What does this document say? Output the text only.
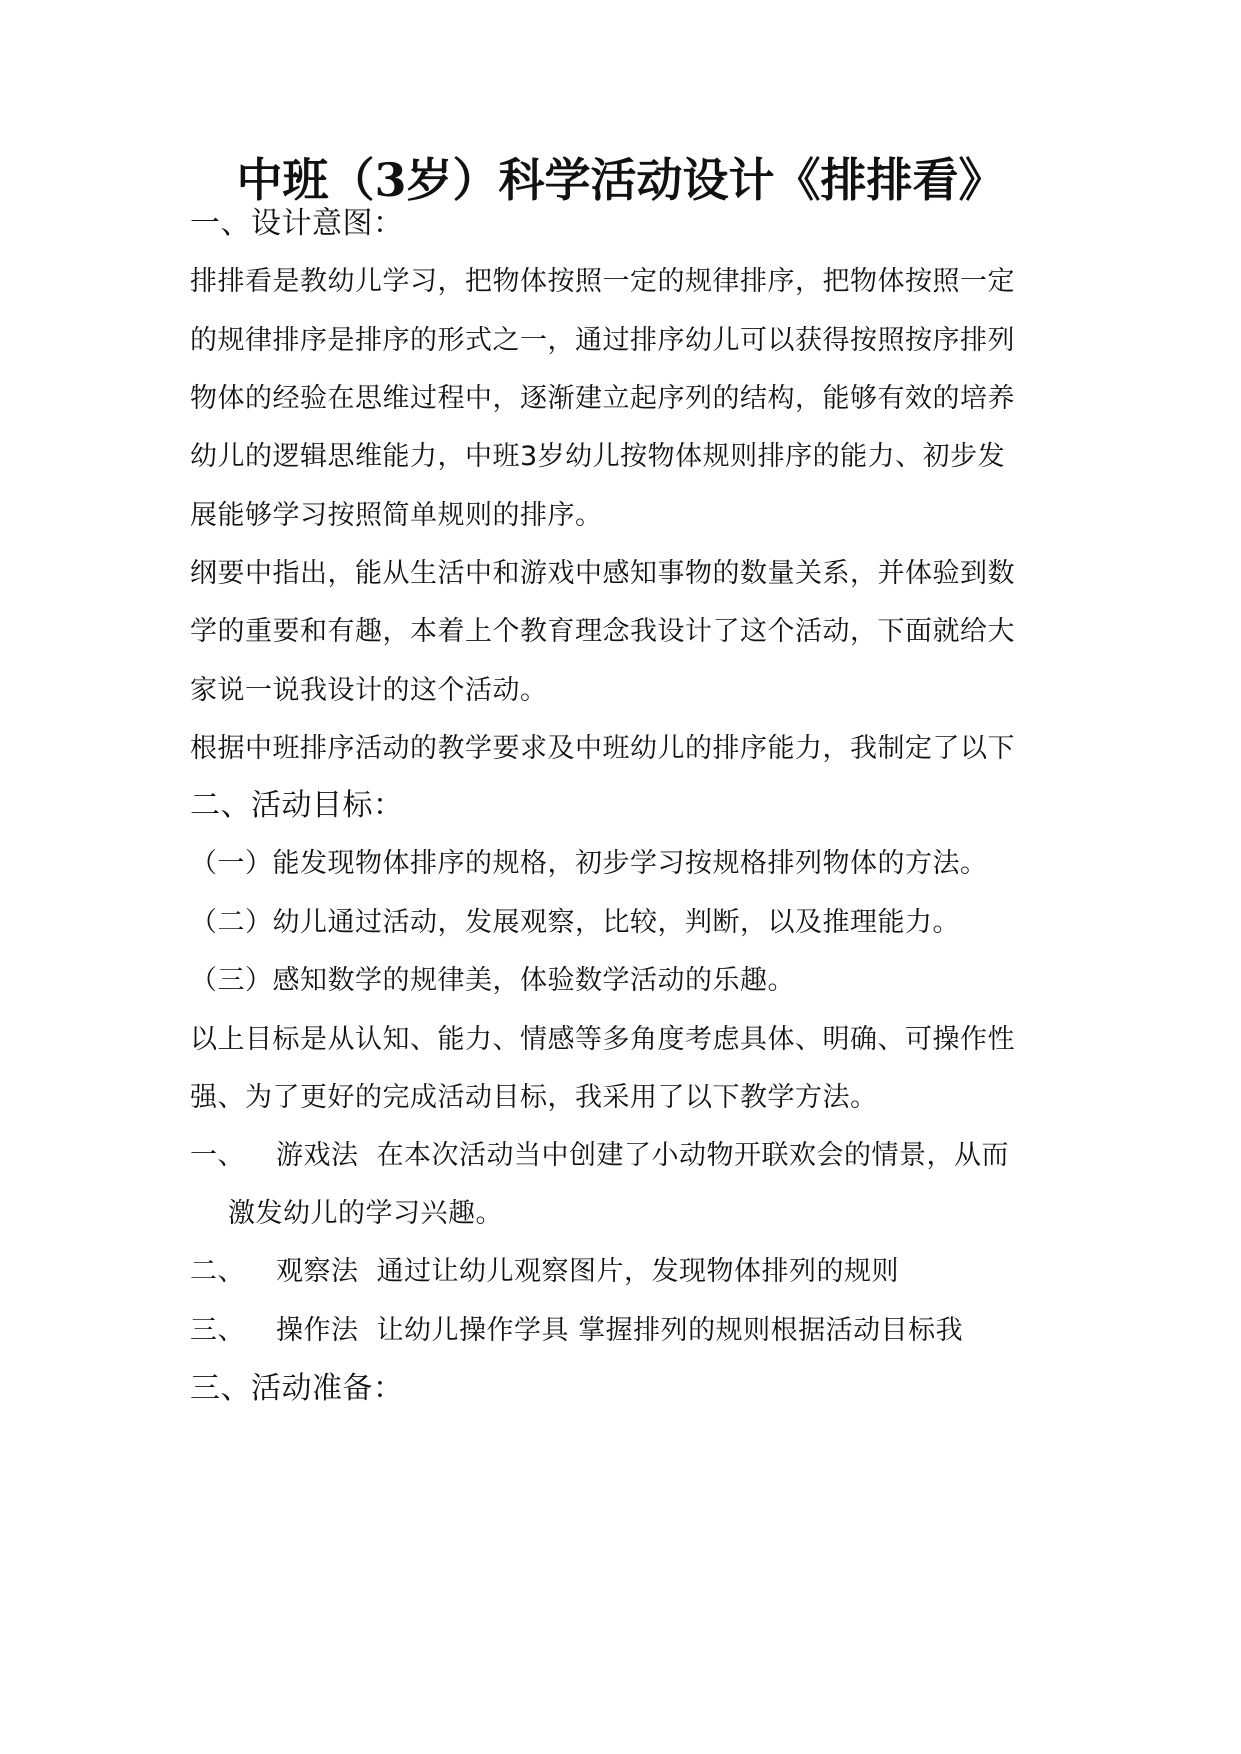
中班（3岁）科学活动设计《排排看》
一、设计意图：
排排看是教幼儿学习，把物体按照一定的规律排序，把物体按照一定
的规律排序是排序的形式之一，通过排序幼儿可以获得按照按序排列
物体的经验在思维过程中，逐渐建立起序列的结构，能够有效的培养
幼儿的逻辑思维能力，中班3岁幼儿按物体规则排序的能力、初步发
展能够学习按照简单规则的排序。
纲要中指出，能从生活中和游戏中感知事物的数量关系，并体验到数
学的重要和有趣，本着上个教育理念我设计了这个活动，下面就给大
家说一说我设计的这个活动。
根据中班排序活动的教学要求及中班幼儿的排序能力，我制定了以下
二、活动目标：
（一）能发现物体排序的规格，初步学习按规格排列物体的方法。
（二）幼儿通过活动，发展观察，比较，判断，以及推理能力。
（三）感知数学的规律美，体验数学活动的乐趣。
以上目标是从认知、能力、情感等多角度考虑具体、明确、可操作性
强、为了更好的完成活动目标，我采用了以下教学方法。
一、 游戏法 在本次活动当中创建了小动物开联欢会的情景，从而
激发幼儿的学习兴趣。
二、 观察法 通过让幼儿观察图片，发现物体排列的规则
三、 操作法 让幼儿操作学具 掌握排列的规则根据活动目标我
三、活动准备：
